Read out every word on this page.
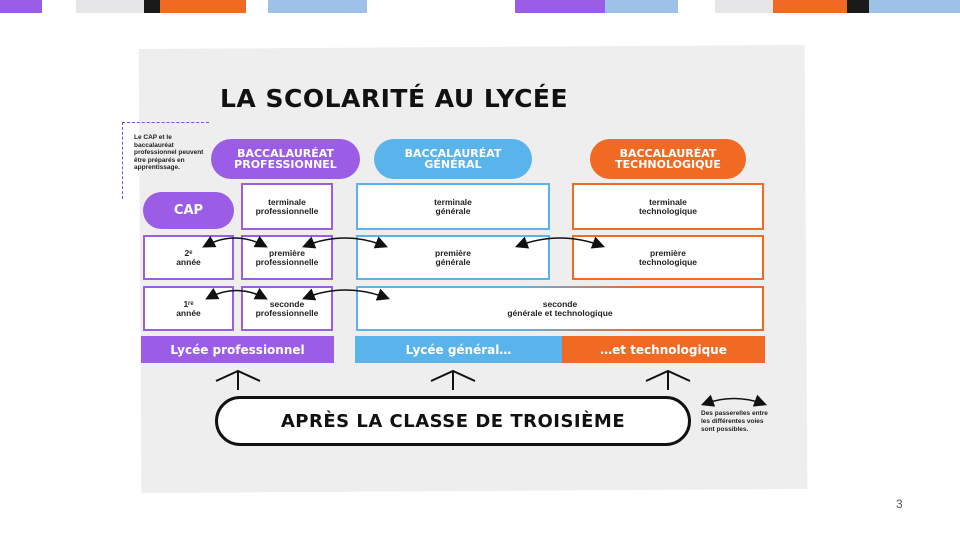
LA SCOLARITÉ AU LYCÉE
Le CAP et le baccalauréat professionnel peuvent être préparés en apprentissage.
BACCALAURÉAT
PROFESSIONNEL
BACCALAURÉAT
GÉNÉRAL
BACCALAURÉAT
TECHNOLOGIQUE
CAP
2ᵉ
année
1ʳᵉ
année
terminale
professionnelle
première
professionnelle
seconde
professionnelle
terminale
générale
première
générale
terminale
technologique
première
technologique
seconde
générale et technologique
Lycée professionnel	Lycée général…	…et technologique
APRÈS LA CLASSE DE TROISIÈME	Des passerelles entre les différentes voies sont possibles.
3
